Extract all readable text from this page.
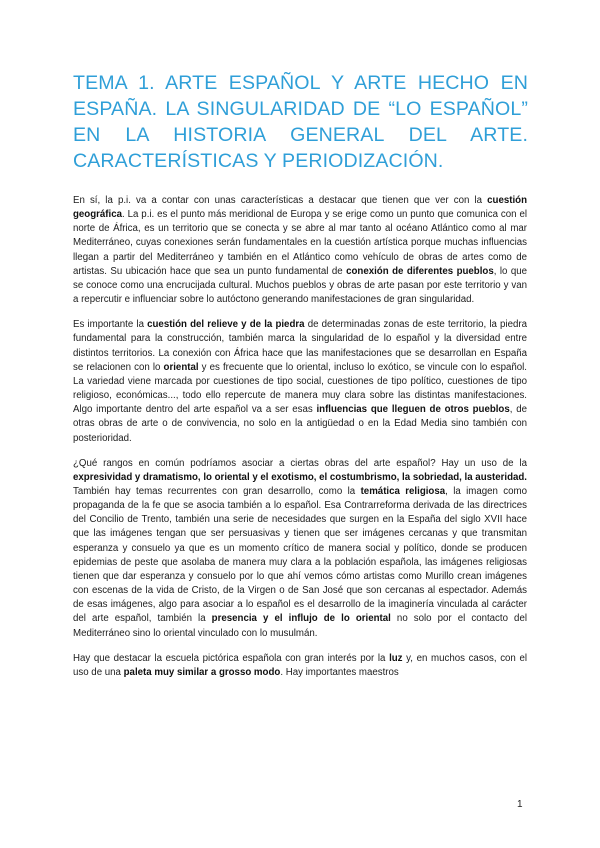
TEMA 1. ARTE ESPAÑOL Y ARTE HECHO EN ESPAÑA. LA SINGULARIDAD DE “LO ESPAÑOL” EN LA HISTORIA GENERAL DEL ARTE. CARACTERÍSTICAS Y PERIODIZACIÓN.

En sí, la p.i. va a contar con unas características a destacar que tienen que ver con la cuestión geográfica. La p.i. es el punto más meridional de Europa y se erige como un punto que comunica con el norte de África, es un territorio que se conecta y se abre al mar tanto al océano Atlántico como al mar Mediterráneo, cuyas conexiones serán fundamentales en la cuestión artística porque muchas influencias llegan a partir del Mediterráneo y también en el Atlántico como vehículo de obras de artes como de artistas. Su ubicación hace que sea un punto fundamental de conexión de diferentes pueblos, lo que se conoce como una encrucijada cultural. Muchos pueblos y obras de arte pasan por este territorio y van a repercutir e influenciar sobre lo autóctono generando manifestaciones de gran singularidad.

Es importante la cuestión del relieve y de la piedra de determinadas zonas de este territorio, la piedra fundamental para la construcción, también marca la singularidad de lo español y la diversidad entre distintos territorios. La conexión con África hace que las manifestaciones que se desarrollan en España se relacionen con lo oriental y es frecuente que lo oriental, incluso lo exótico, se vincule con lo español. La variedad viene marcada por cuestiones de tipo social, cuestiones de tipo político, cuestiones de tipo religioso, económicas..., todo ello repercute de manera muy clara sobre las distintas manifestaciones. Algo importante dentro del arte español va a ser esas influencias que lleguen de otros pueblos, de otras obras de arte o de convivencia, no solo en la antigüedad o en la Edad Media sino también con posterioridad.

¿Qué rangos en común podríamos asociar a ciertas obras del arte español? Hay un uso de la expresividad y dramatismo, lo oriental y el exotismo, el costumbrismo, la sobriedad, la austeridad. También hay temas recurrentes con gran desarrollo, como la temática religiosa, la imagen como propaganda de la fe que se asocia también a lo español. Esa Contrarreforma derivada de las directrices del Concilio de Trento, también una serie de necesidades que surgen en la España del siglo XVII hace que las imágenes tengan que ser persuasivas y tienen que ser imágenes cercanas y que transmitan esperanza y consuelo ya que es un momento crítico de manera social y político, donde se producen epidemias de peste que asolaba de manera muy clara a la población española, las imágenes religiosas tienen que dar esperanza y consuelo por lo que ahí vemos cómo artistas como Murillo crean imágenes con escenas de la vida de Cristo, de la Virgen o de San José que son cercanas al espectador. Además de esas imágenes, algo para asociar a lo español es el desarrollo de la imaginería vinculada al carácter del arte español, también la presencia y el influjo de lo oriental no solo por el contacto del Mediterráneo sino lo oriental vinculado con lo musulmán.

Hay que destacar la escuela pictórica española con gran interés por la luz y, en muchos casos, con el uso de una paleta muy similar a grosso modo. Hay importantes maestros

1
